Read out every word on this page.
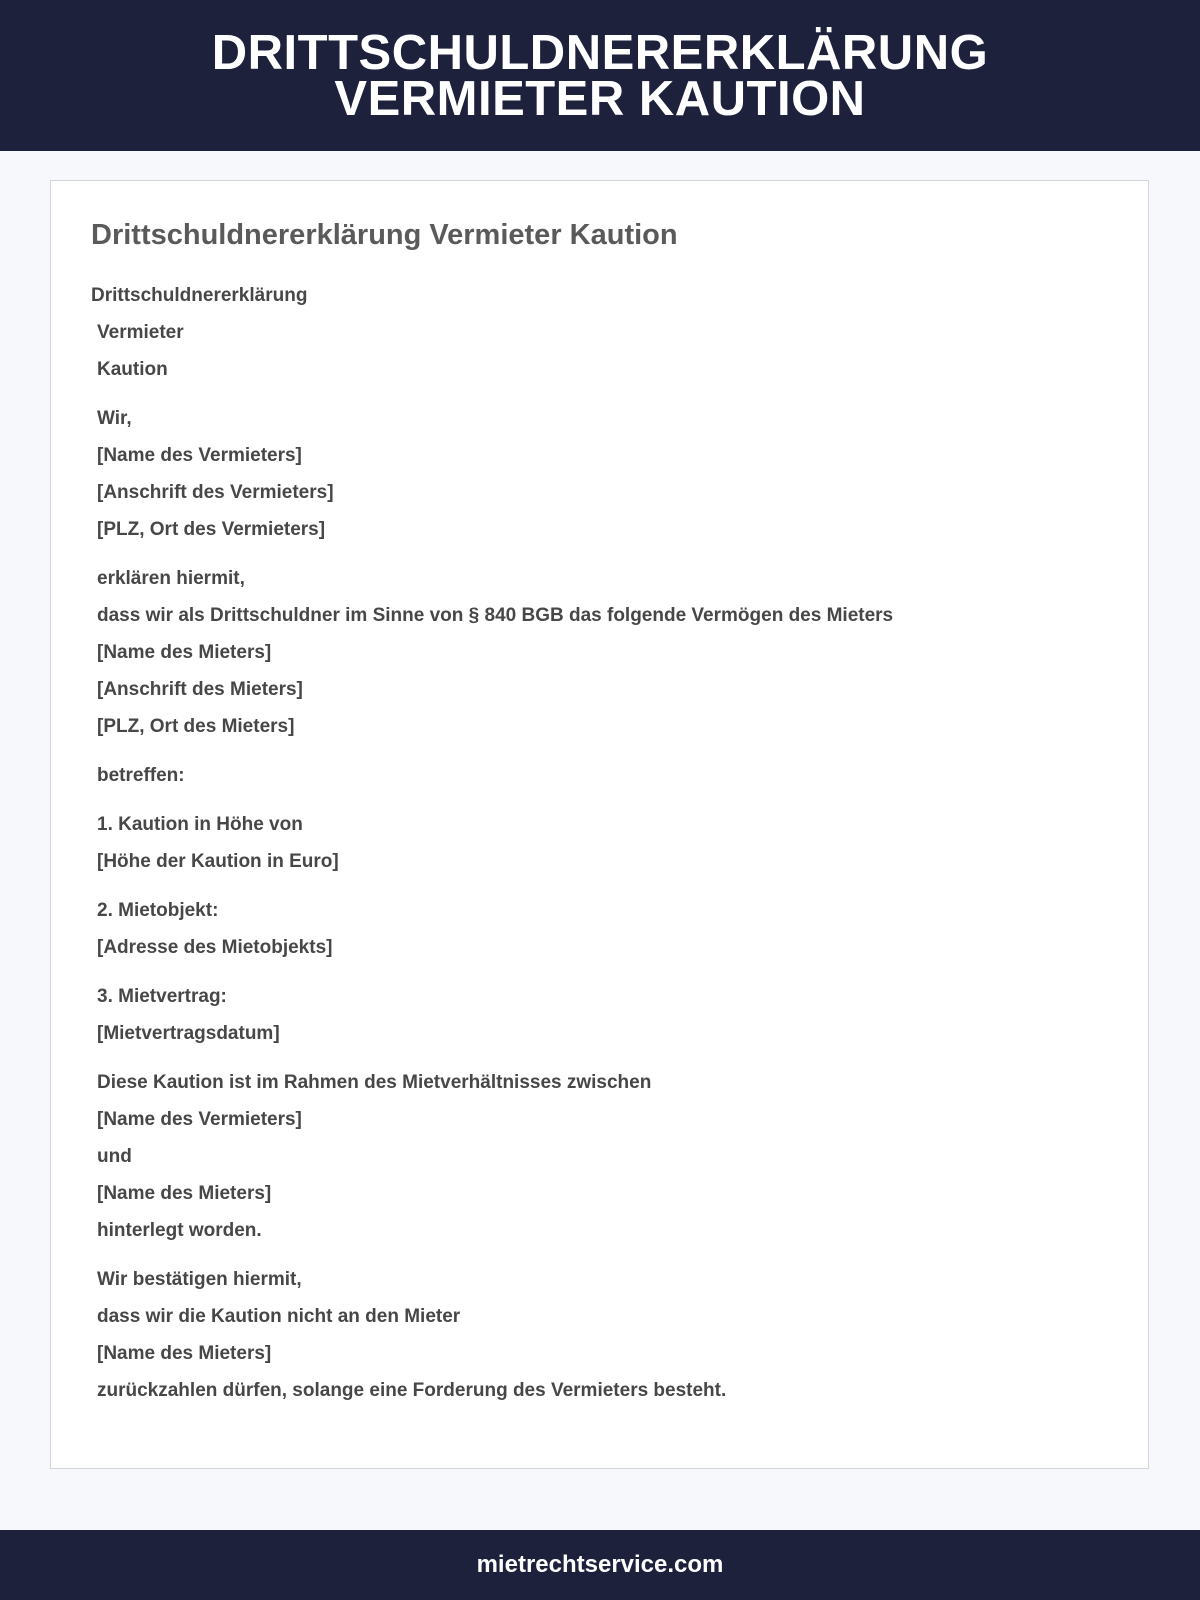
DRITTSCHULDNERERKLÄRUNG
VERMIETER KAUTION
Drittschuldnererklärung Vermieter Kaution
Drittschuldnererklärung
Vermieter
Kaution
Wir,
[Name des Vermieters]
[Anschrift des Vermieters]
[PLZ, Ort des Vermieters]
erklären hiermit,
dass wir als Drittschuldner im Sinne von § 840 BGB das folgende Vermögen des Mieters
[Name des Mieters]
[Anschrift des Mieters]
[PLZ, Ort des Mieters]
betreffen:
1. Kaution in Höhe von
[Höhe der Kaution in Euro]
2. Mietobjekt:
[Adresse des Mietobjekts]
3. Mietvertrag:
[Mietvertragsdatum]
Diese Kaution ist im Rahmen des Mietverhältnisses zwischen
[Name des Vermieters]
und
[Name des Mieters]
hinterlegt worden.
Wir bestätigen hiermit,
dass wir die Kaution nicht an den Mieter
[Name des Mieters]
zurückzahlen dürfen, solange eine Forderung des Vermieters besteht.
mietrechtservice.com
